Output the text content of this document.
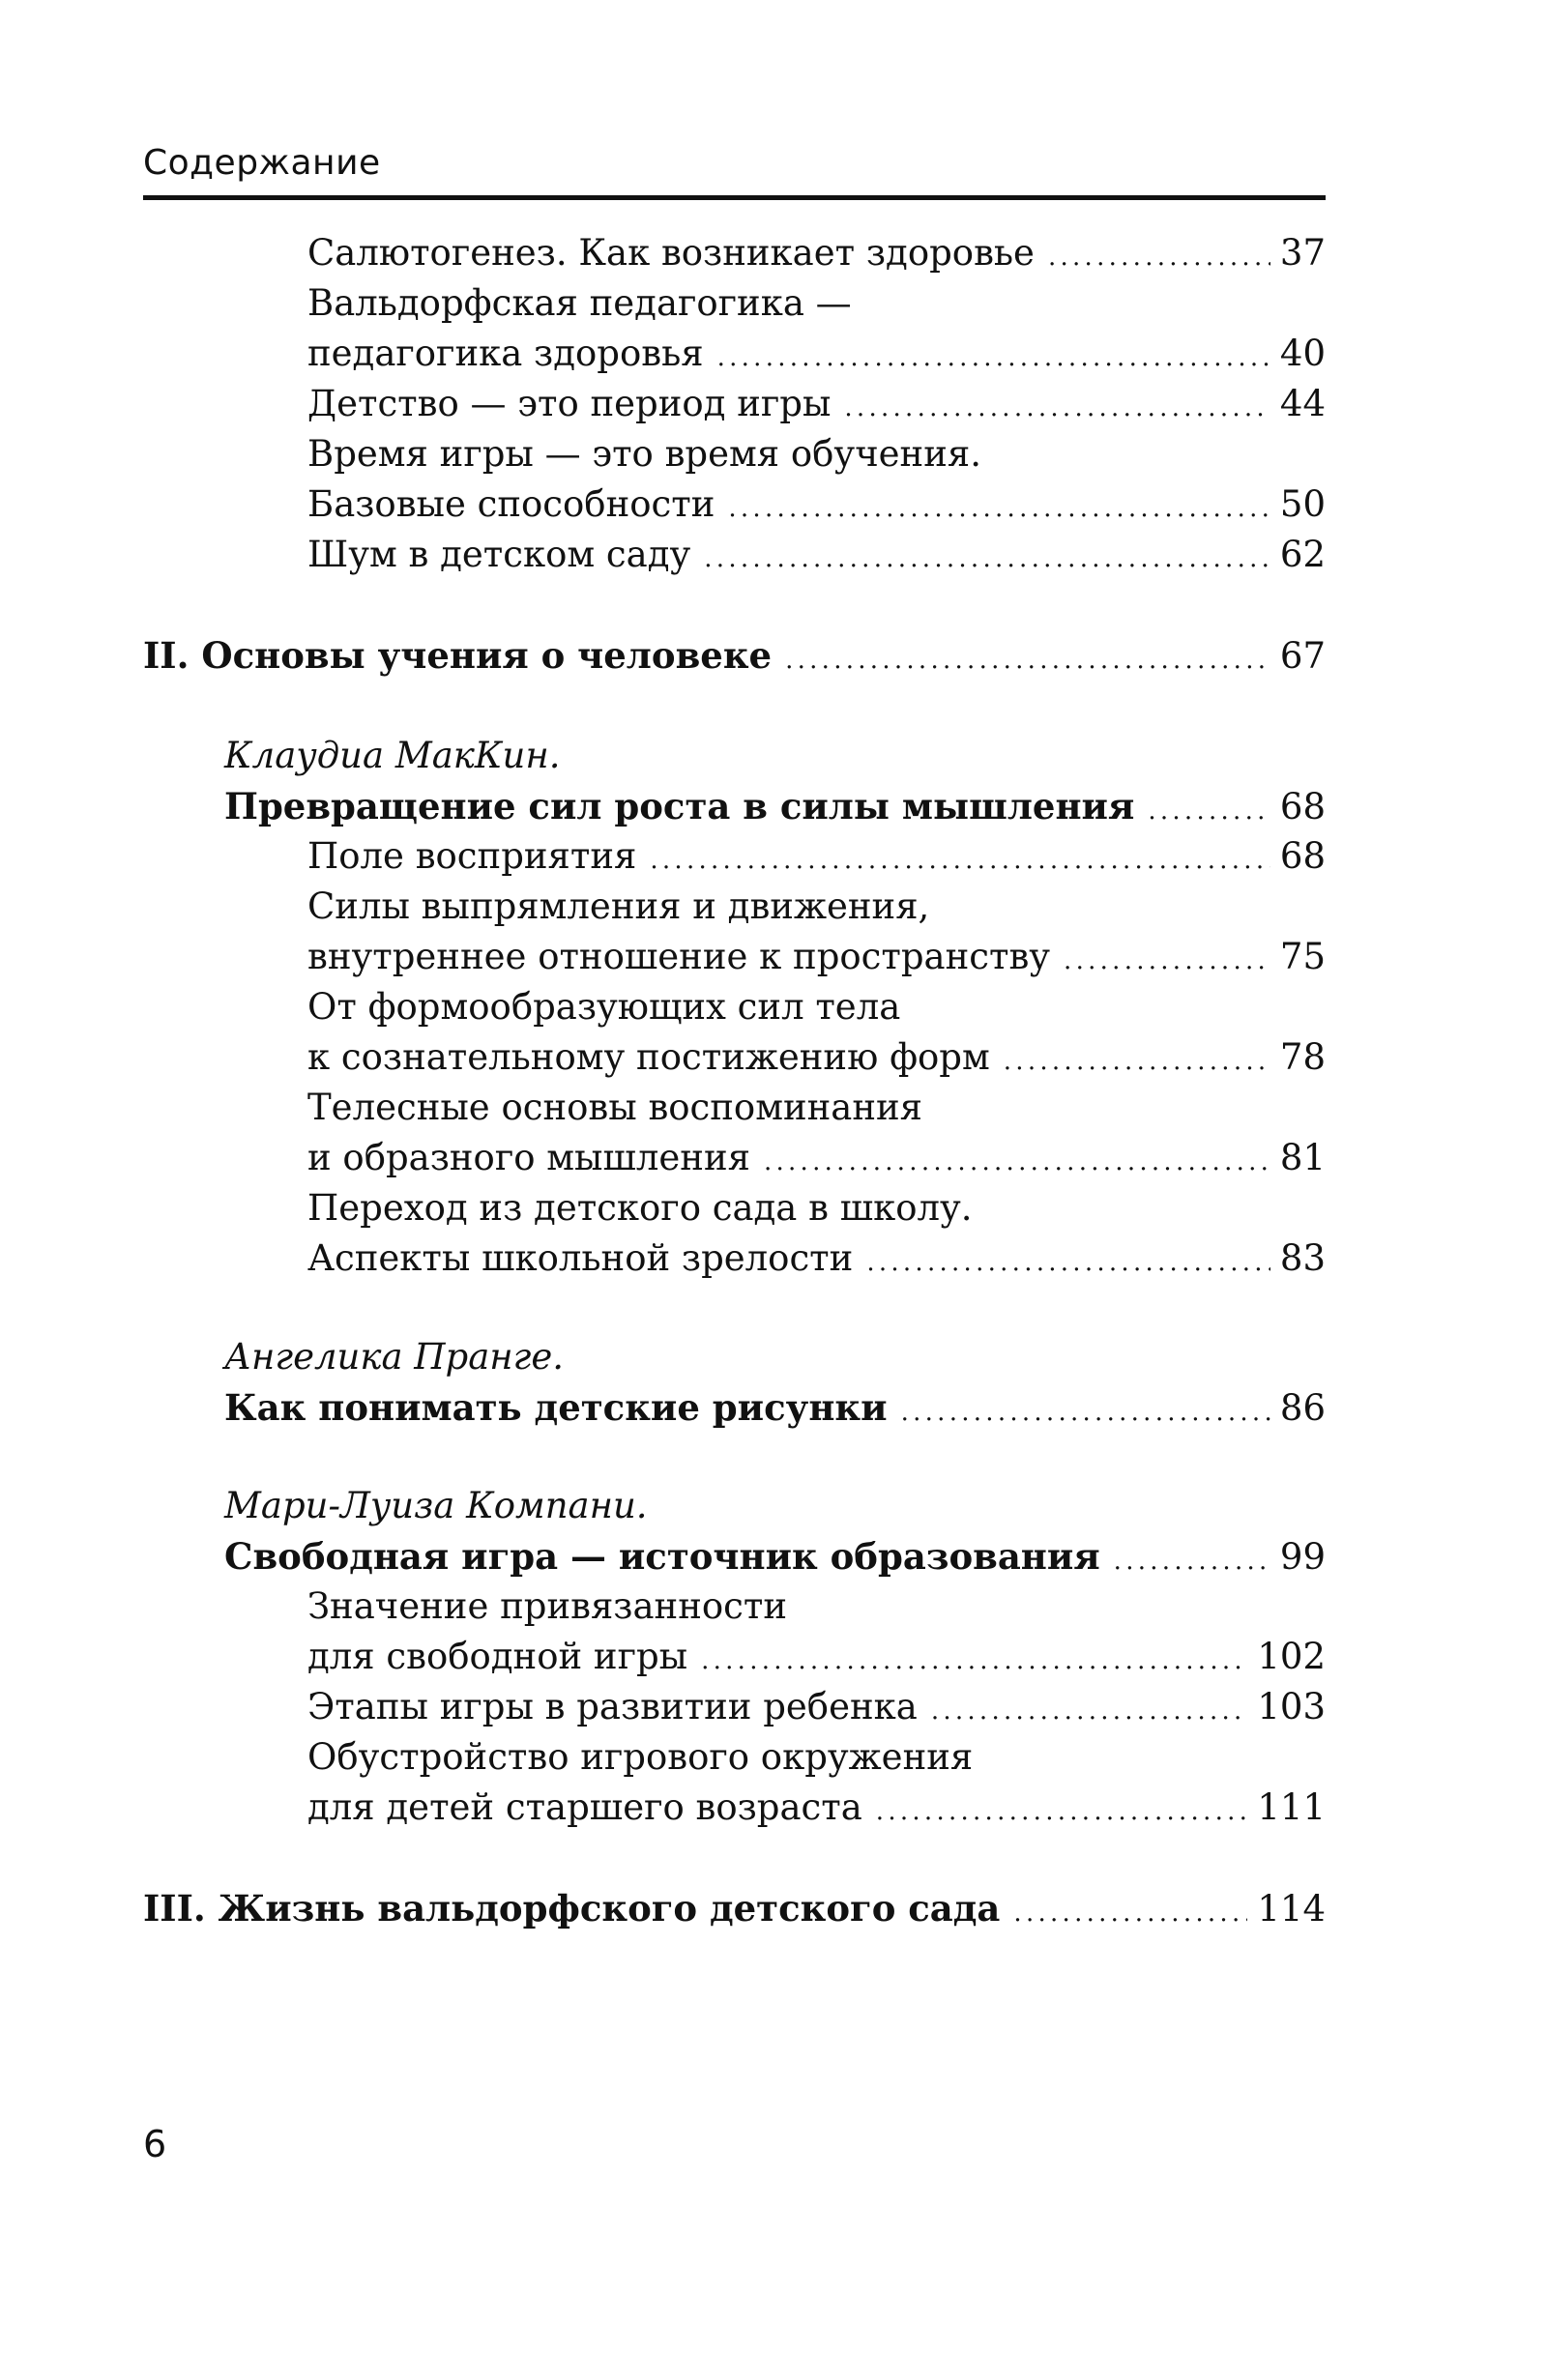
Содержание
Салютогенез. Как возникает здоровье . . .	37
Вальдорфская педагогика —
педагогика здоровья . . .	40
Детство — это период игры . . .	44
Время игры — это время обучения.
Базовые способности . . .	50
Шум в детском саду . . .	62
II. Основы учения о человеке . . .	67
Клаудиа МакКин.
Превращение сил роста в силы мышления . . .	68
Поле восприятия . . .	68
Силы выпрямления и движения,
внутреннее отношение к пространству . . .	75
От формообразующих сил тела
к сознательному постижению форм . . .	78
Телесные основы воспоминания
и образного мышления . . .	81
Переход из детского сада в школу.
Аспекты школьной зрелости . . .	83
Ангелика Пранге.
Как понимать детские рисунки . . .	86
Мари-Луиза Компани.
Свободная игра — источник образования . . .	99
Значение привязанности
для свободной игры . . .	102
Этапы игры в развитии ребенка . . .	103
Обустройство игрового окружения
для детей старшего возраста . . .	111
III. Жизнь вальдорфского детского сада . . .	114
6
